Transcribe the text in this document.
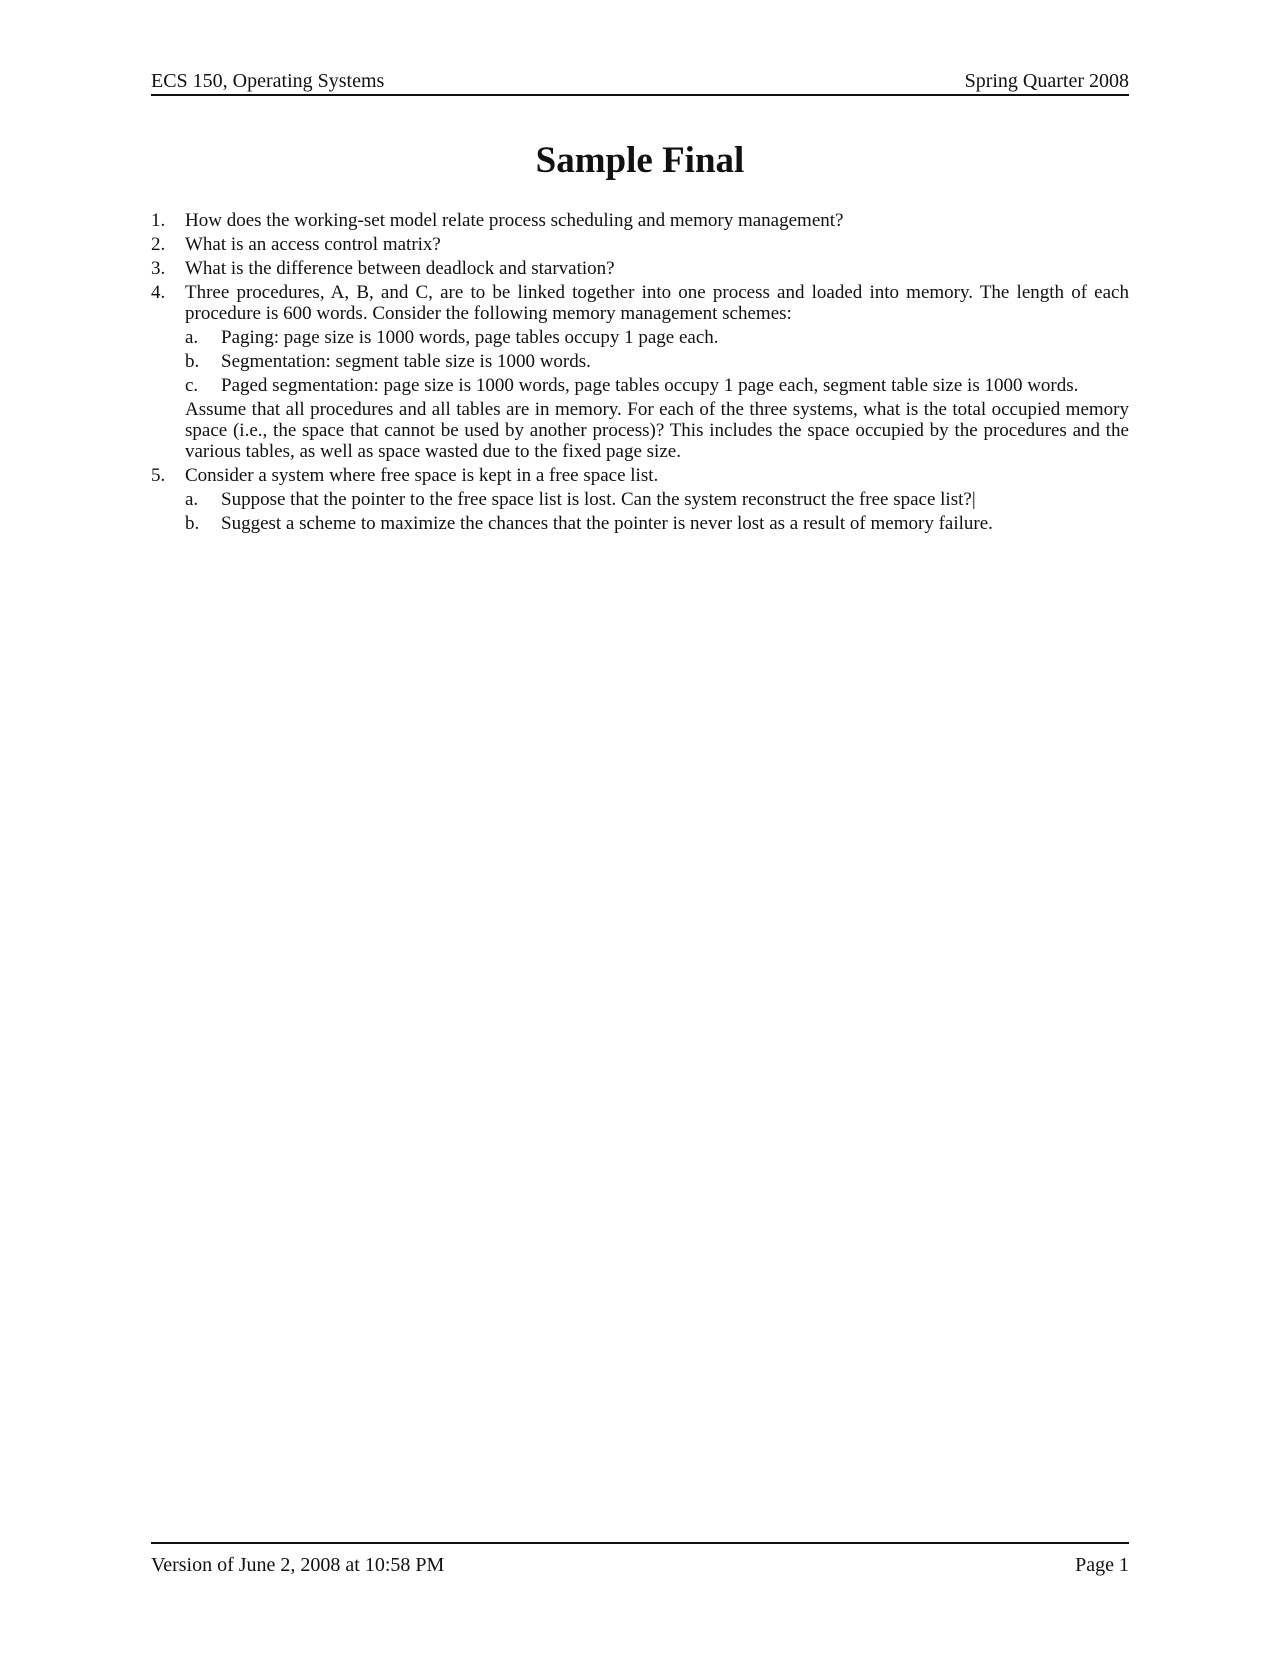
ECS 150, Operating Systems	Spring Quarter 2008
Sample Final
1. How does the working-set model relate process scheduling and memory management?
2. What is an access control matrix?
3. What is the difference between deadlock and starvation?
4. Three procedures, A, B, and C, are to be linked together into one process and loaded into memory. The length of each procedure is 600 words. Consider the following memory management schemes:
a. Paging: page size is 1000 words, page tables occupy 1 page each.
b. Segmentation: segment table size is 1000 words.
c. Paged segmentation: page size is 1000 words, page tables occupy 1 page each, segment table size is 1000 words.
Assume that all procedures and all tables are in memory. For each of the three systems, what is the total occupied memory space (i.e., the space that cannot be used by another process)? This includes the space occupied by the procedures and the various tables, as well as space wasted due to the fixed page size.
5. Consider a system where free space is kept in a free space list.
a. Suppose that the pointer to the free space list is lost. Can the system reconstruct the free space list?|
b. Suggest a scheme to maximize the chances that the pointer is never lost as a result of memory failure.
Version of June 2, 2008 at 10:58 PM	Page 1
